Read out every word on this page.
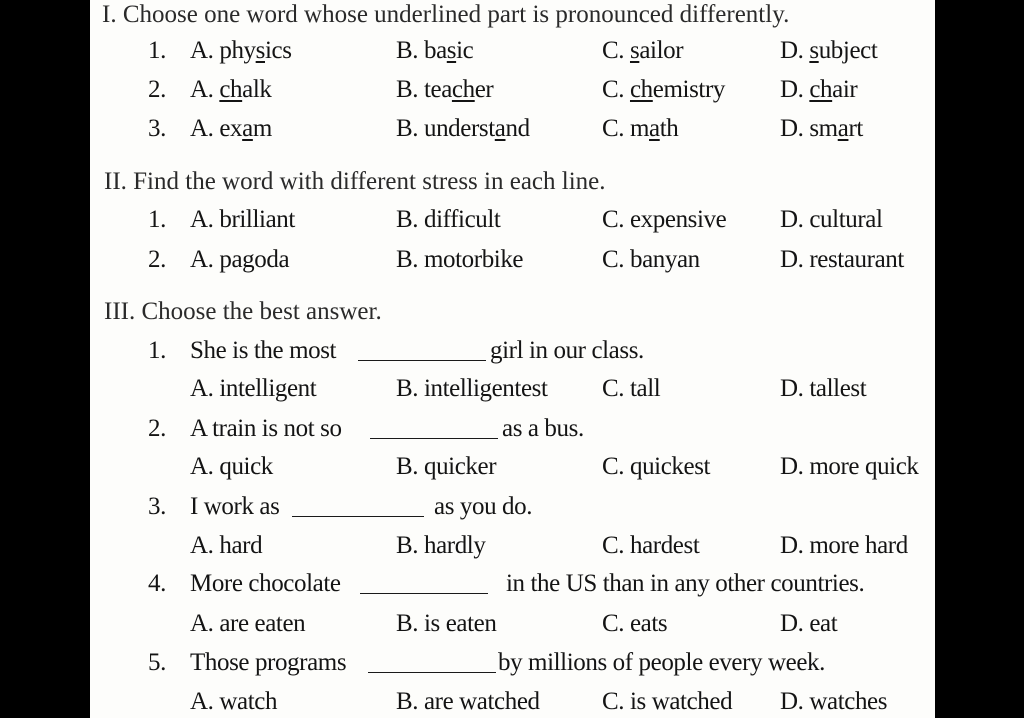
I. Choose one word whose underlined part is pronounced differently.
1. A. physics	B. basic	C. sailor	D. subject
2. A. chalk	B. teacher	C. chemistry D. chair
3. A. exam	B. understand	C. math	D. smart
II. Find the word with different stress in each line.
1. A. brilliant	B. difficult	C. expensive D. cultural
2. A. pagoda	B. motorbike	C. banyan	D. restaurant
III. Choose the best answer.
1. She is the most	girl in our class.
A. intelligent	B. intelligentest C. tall	D. tallest
2. A train is not so	as a bus.
A. quick	B. quicker	C. quickest	D. more quick
3. I work as	as you do.
A. hard	B. hardly	C. hardest	D. more hard
4. More chocolate	in the US than in any other countries.
A. are eaten	B. is eaten	C. eats	D. eat
5. Those programs	by millions of people every week.
A. watch	B. are watched C. is watched D. watches
